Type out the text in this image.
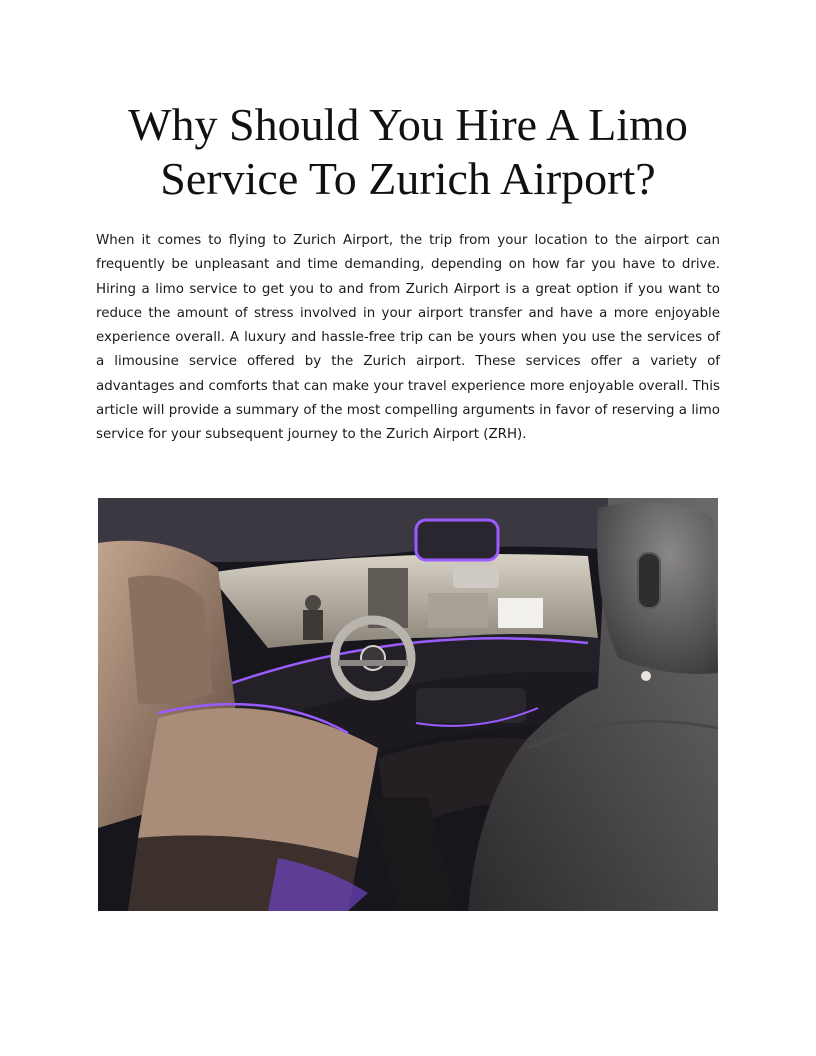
Why Should You Hire A Limo Service To Zurich Airport?

When it comes to flying to Zurich Airport, the trip from your location to the airport can frequently be unpleasant and time demanding, depending on how far you have to drive. Hiring a limo service to get you to and from Zurich Airport is a great option if you want to reduce the amount of stress involved in your airport transfer and have a more enjoyable experience overall. A luxury and hassle-free trip can be yours when you use the services of a limousine service offered by the Zurich airport. These services offer a variety of advantages and comforts that can make your travel experience more enjoyable overall. This article will provide a summary of the most compelling arguments in favor of reserving a limo service for your subsequent journey to the Zurich Airport (ZRH).
